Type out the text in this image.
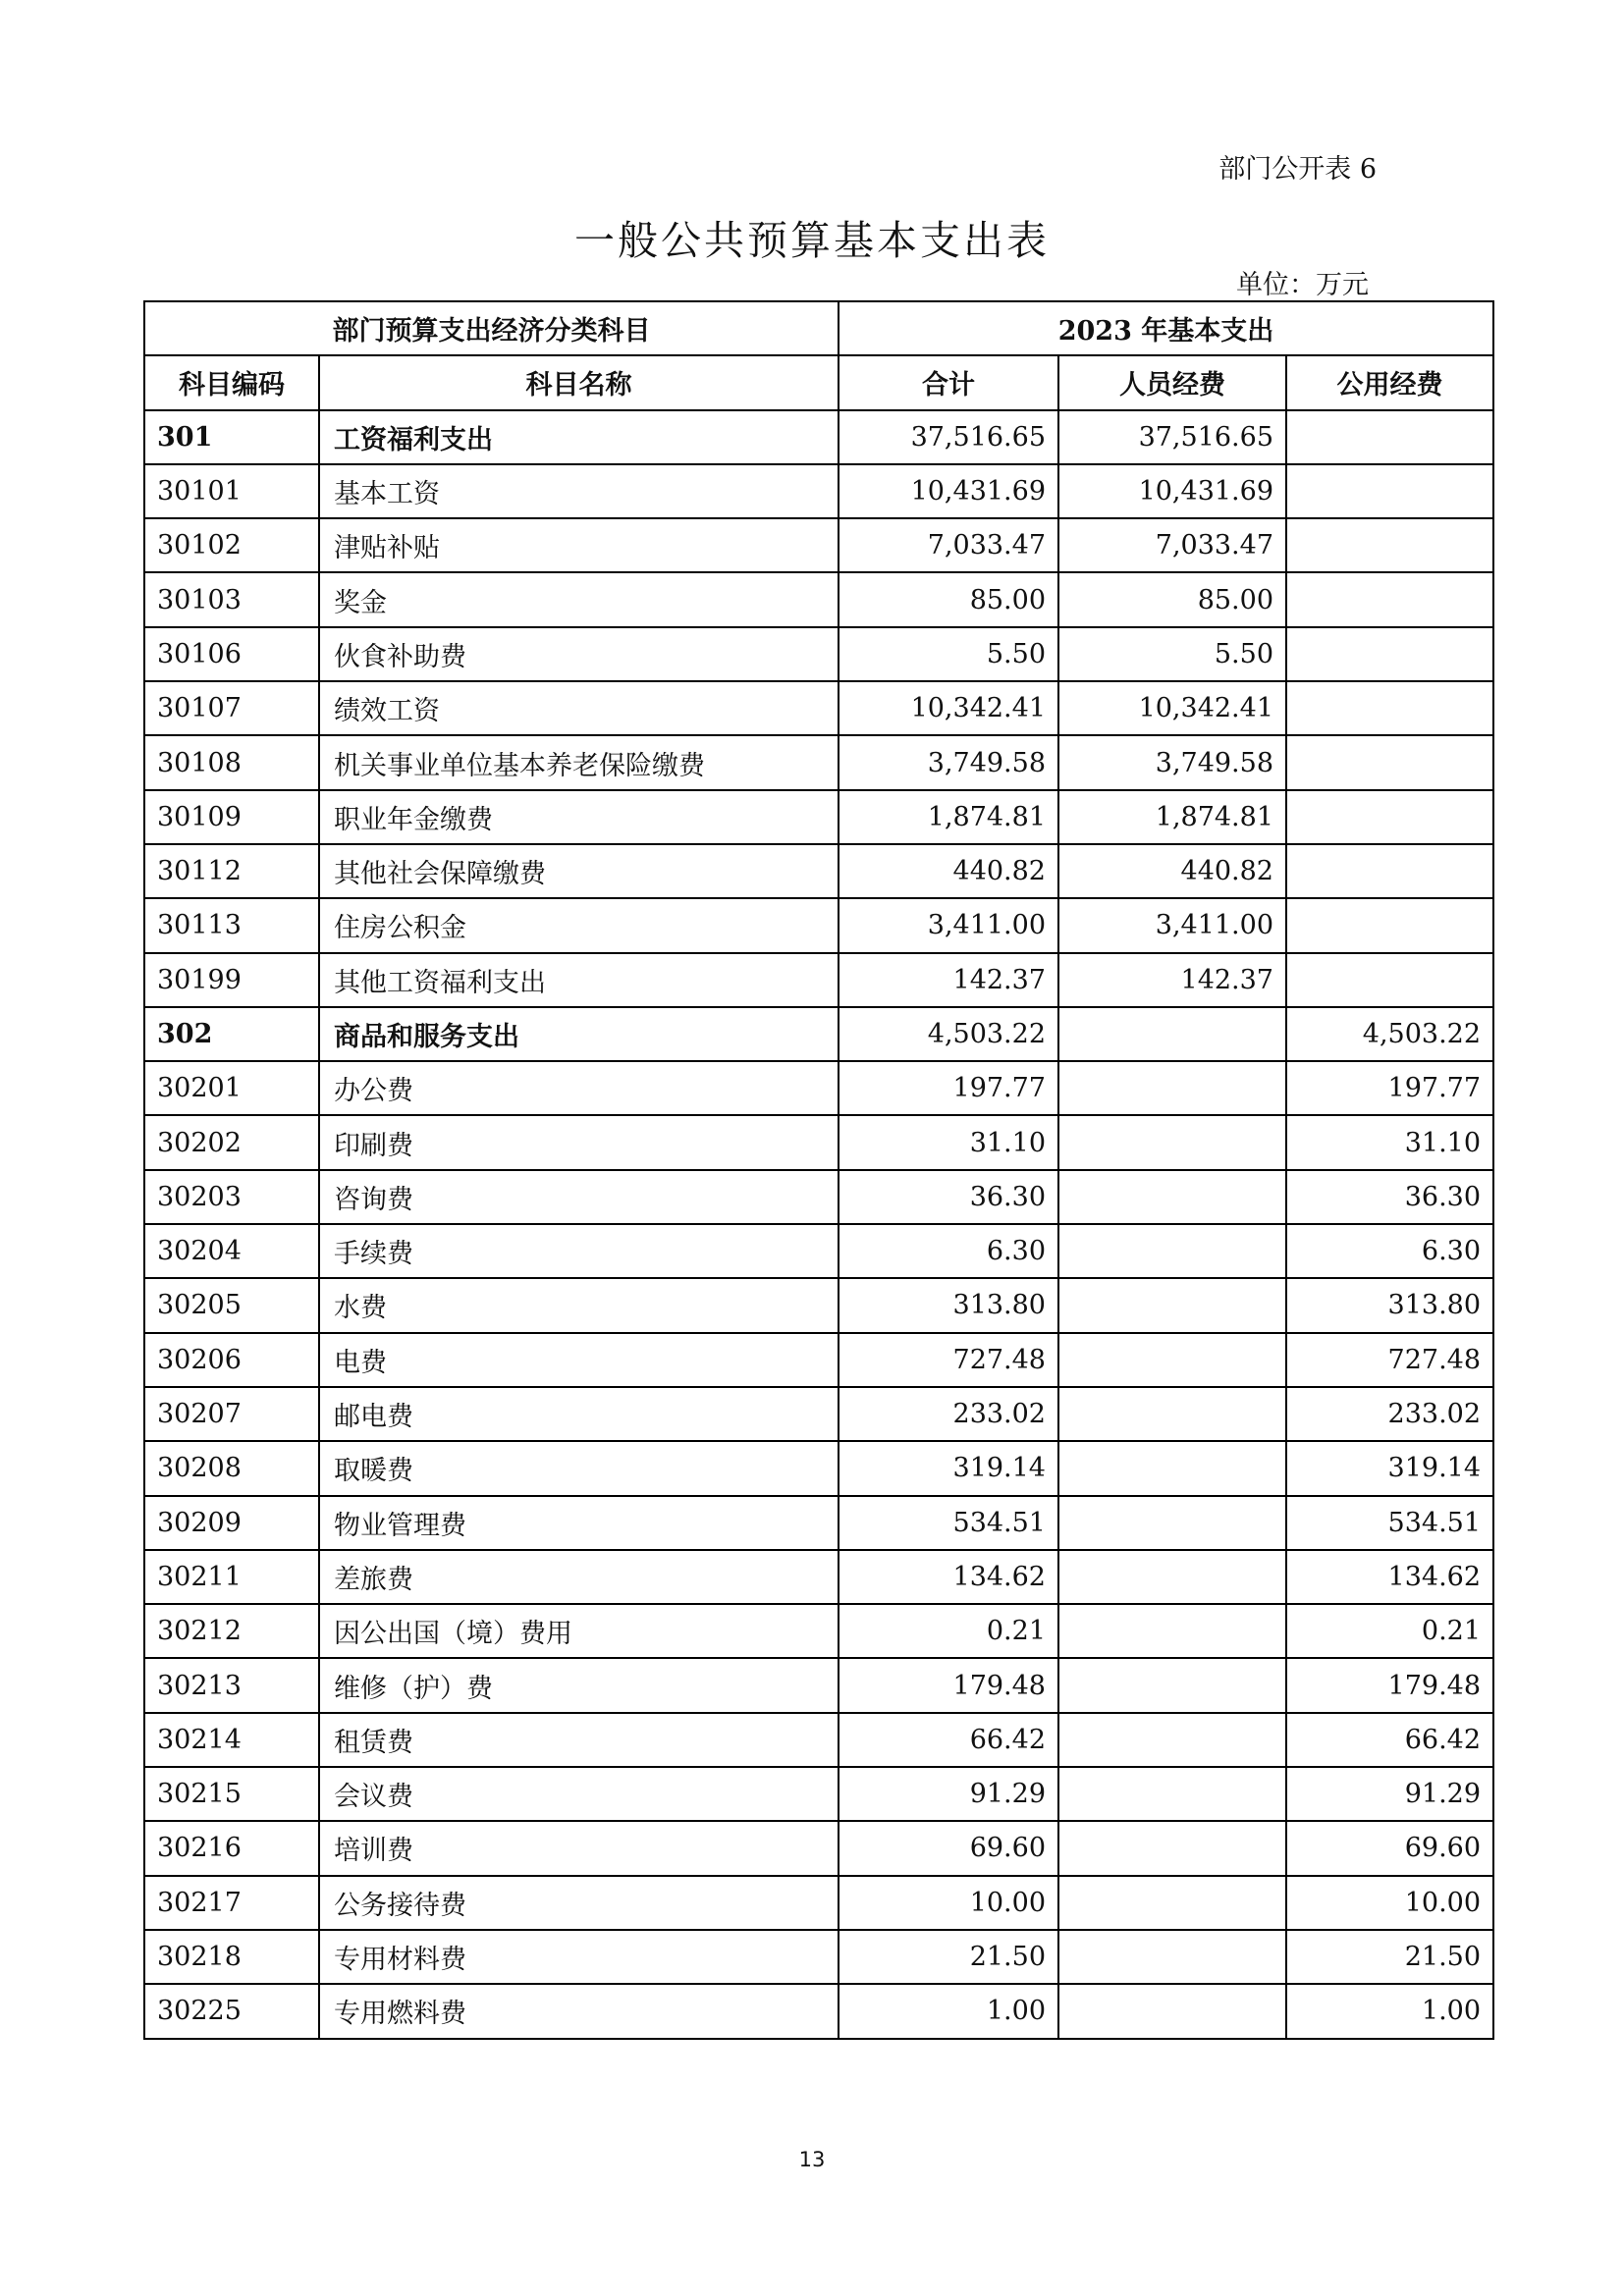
部门公开表 6
一般公共预算基本支出表
单位：万元
部门预算支出经济分类科目		2023 年基本支出		
科目编码	科目名称	合计	人员经费	公用经费
301	工资福利支出	37,516.65	37,516.65	
30101	基本工资	10,431.69	10,431.69	
30102	津贴补贴	7,033.47	7,033.47	
30103	奖金	85.00	85.00	
30106	伙食补助费	5.50	5.50	
30107	绩效工资	10,342.41	10,342.41	
30108	机关事业单位基本养老保险缴费	3,749.58	3,749.58	
30109	职业年金缴费	1,874.81	1,874.81	
30112	其他社会保障缴费	440.82	440.82	
30113	住房公积金	3,411.00	3,411.00	
30199	其他工资福利支出	142.37	142.37	
302	商品和服务支出	4,503.22		4,503.22
30201	办公费	197.77		197.77
30202	印刷费	31.10		31.10
30203	咨询费	36.30		36.30
30204	手续费	6.30		6.30
30205	水费	313.80		313.80
30206	电费	727.48		727.48
30207	邮电费	233.02		233.02
30208	取暖费	319.14		319.14
30209	物业管理费	534.51		534.51
30211	差旅费	134.62		134.62
30212	因公出国（境）费用	0.21		0.21
30213	维修（护）费	179.48		179.48
30214	租赁费	66.42		66.42
30215	会议费	91.29		91.29
30216	培训费	69.60		69.60
30217	公务接待费	10.00		10.00
30218	专用材料费	21.50		21.50
30225	专用燃料费	1.00		1.00
13
